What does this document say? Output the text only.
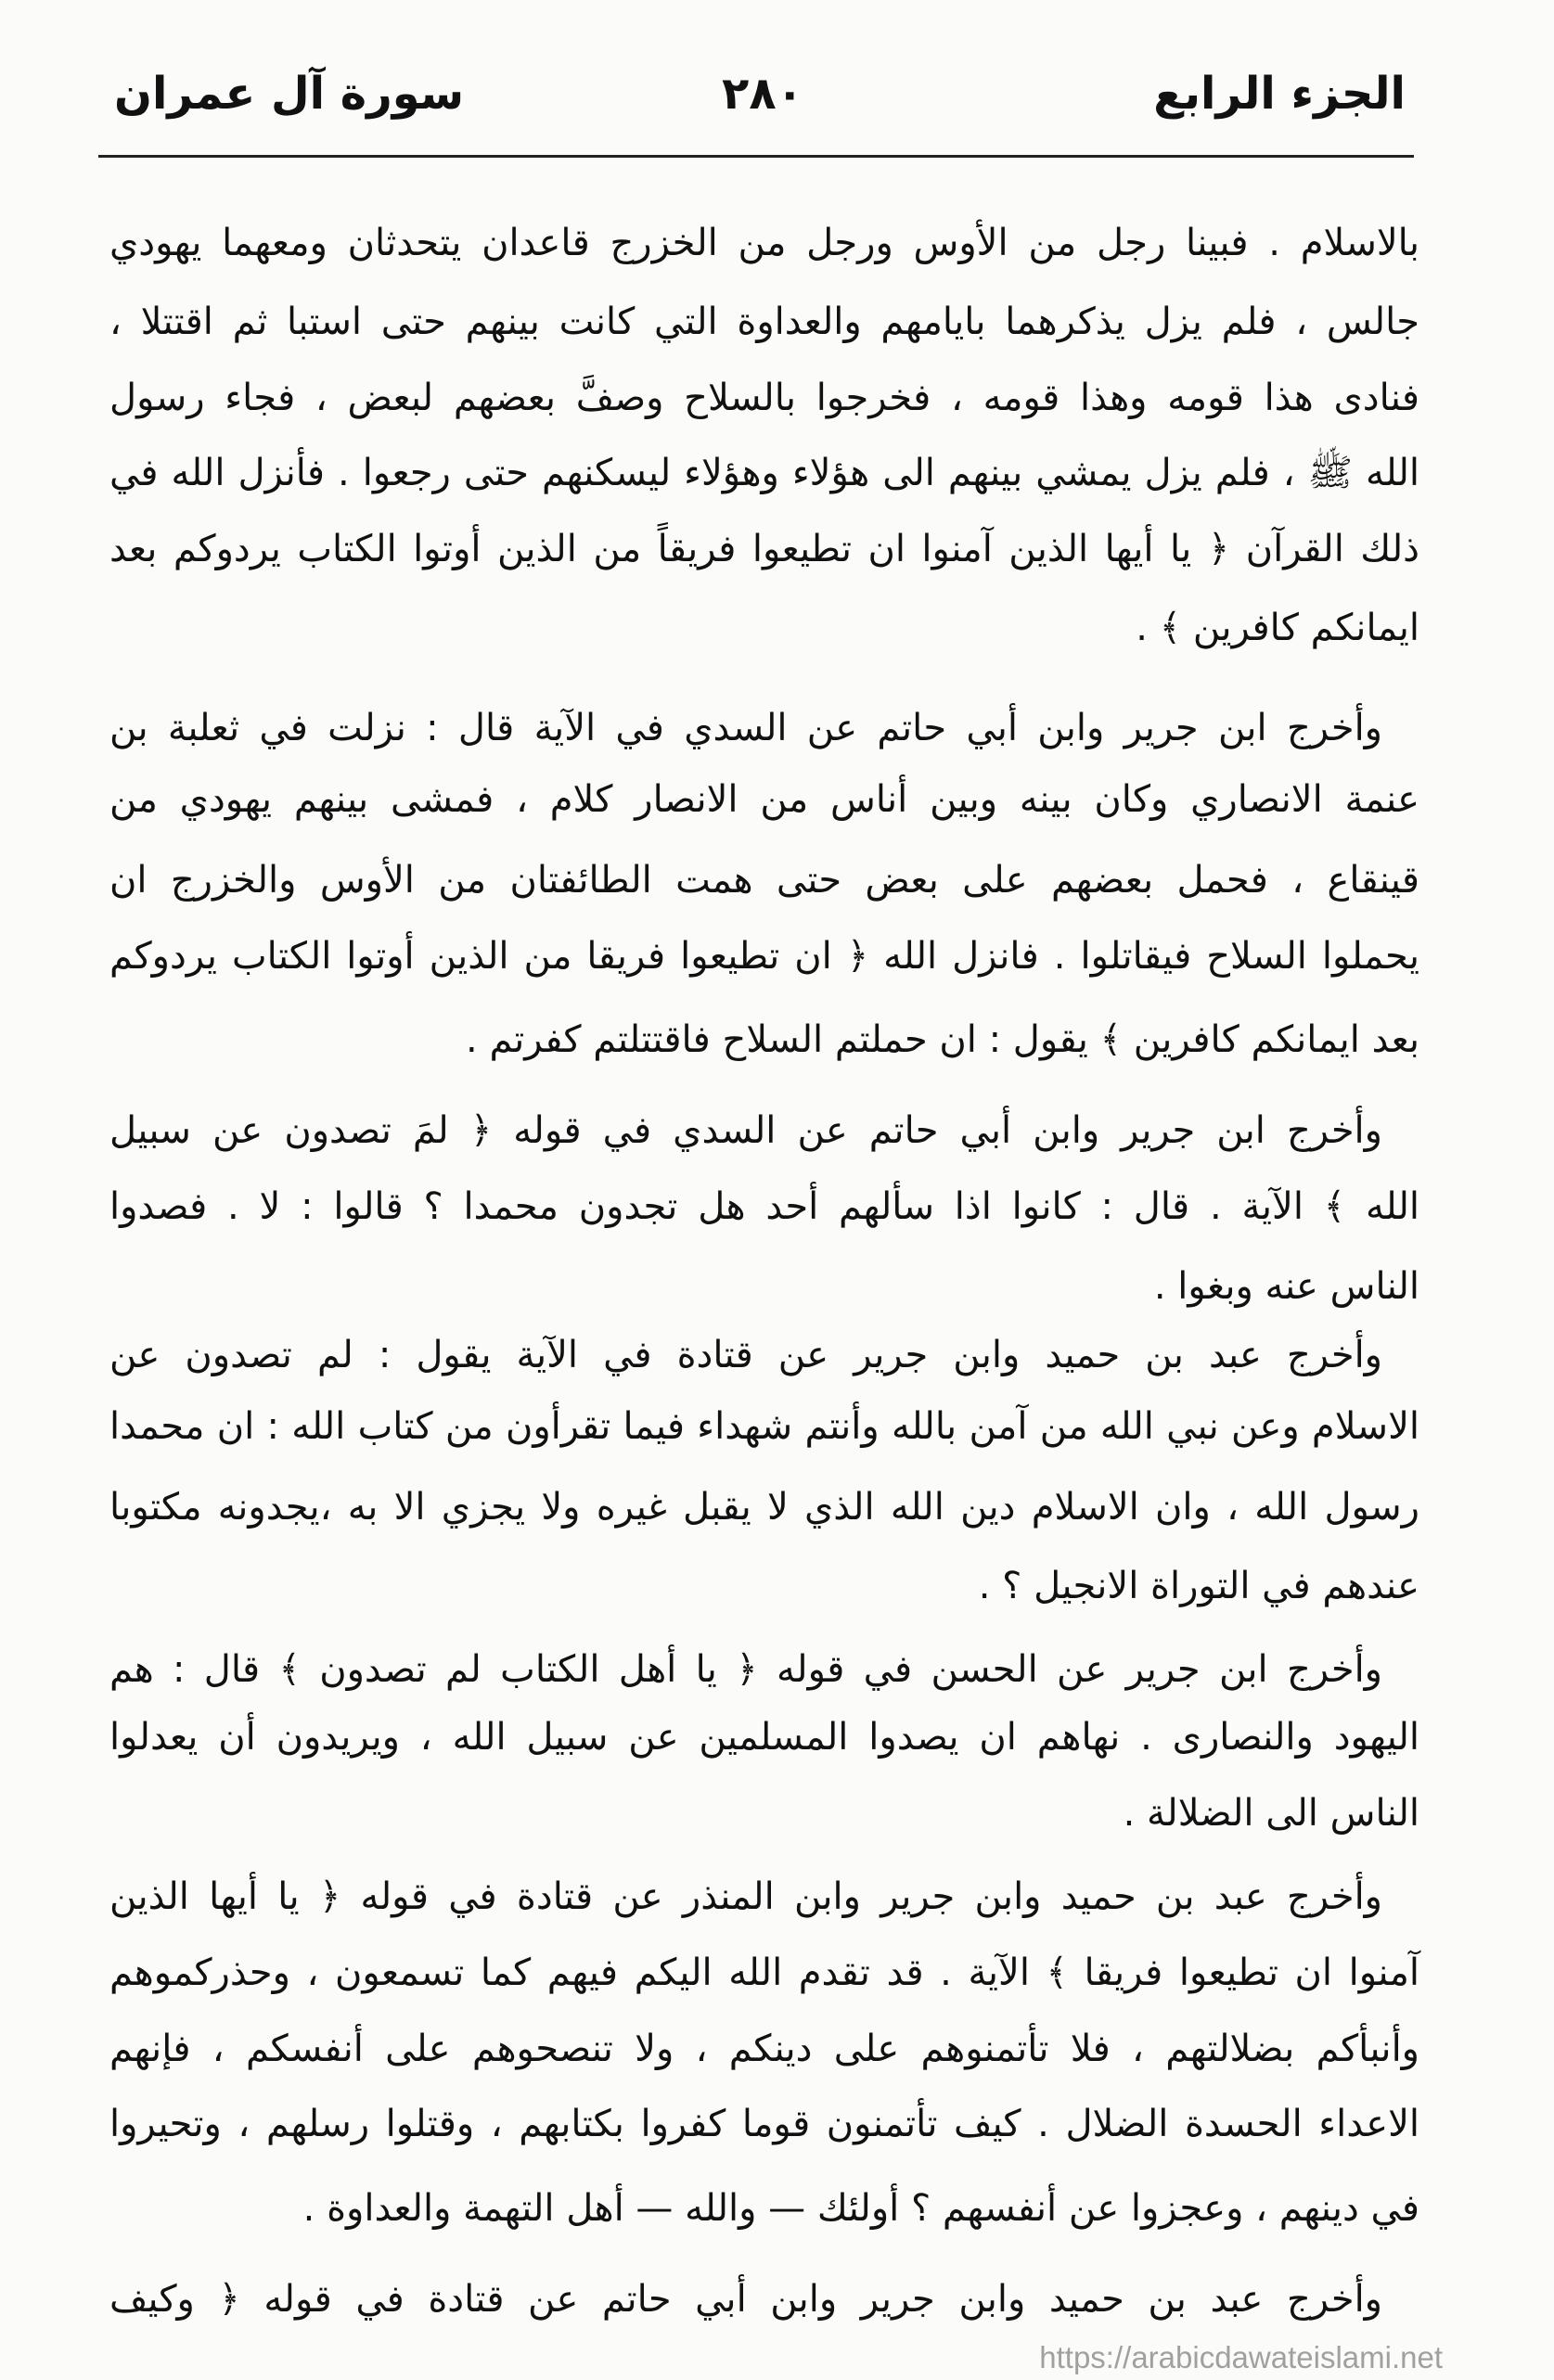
الجزء الرابع
٢٨٠
سورة آل عمران
بالاسلام . فبينا رجل من الأوس ورجل من الخزرج قاعدان يتحدثان ومعهما يهودي
جالس ، فلم يزل يذكرهما بايامهم والعداوة التي كانت بينهم حتى استبا ثم اقتتلا ،
فنادى هذا قومه وهذا قومه ، فخرجوا بالسلاح وصفَّ بعضهم لبعض ، فجاء رسول
الله ﷺ ، فلم يزل يمشي بينهم الى هؤلاء وهؤلاء ليسكنهم حتى رجعوا . فأنزل الله في
ذلك القرآن ﴿ يا أيها الذين آمنوا ان تطيعوا فريقاً من الذين أوتوا الكتاب يردوكم بعد
ايمانكم كافرين ﴾ .
وأخرج ابن جرير وابن أبي حاتم عن السدي في الآية قال : نزلت في ثعلبة بن
عنمة الانصاري وكان بينه وبين أناس من الانصار كلام ، فمشى بينهم يهودي من
قينقاع ، فحمل بعضهم على بعض حتى همت الطائفتان من الأوس والخزرج ان
يحملوا السلاح فيقاتلوا . فانزل الله ﴿ ان تطيعوا فريقا من الذين أوتوا الكتاب يردوكم
بعد ايمانكم كافرين ﴾ يقول : ان حملتم السلاح فاقتتلتم كفرتم .
وأخرج ابن جرير وابن أبي حاتم عن السدي في قوله ﴿ لمَ تصدون عن سبيل
الله ﴾ الآية . قال : كانوا اذا سألهم أحد هل تجدون محمدا ؟ قالوا : لا . فصدوا
الناس عنه وبغوا .
وأخرج عبد بن حميد وابن جرير عن قتادة في الآية يقول : لم تصدون عن
الاسلام وعن نبي الله من آمن بالله وأنتم شهداء فيما تقرأون من كتاب الله : ان محمدا
رسول الله ، وان الاسلام دين الله الذي لا يقبل غيره ولا يجزي الا به ،يجدونه مكتوبا
عندهم في التوراة الانجيل ؟ .
وأخرج ابن جرير عن الحسن في قوله ﴿ يا أهل الكتاب لم تصدون ﴾ قال : هم
اليهود والنصارى . نهاهم ان يصدوا المسلمين عن سبيل الله ، ويريدون أن يعدلوا
الناس الى الضلالة .
وأخرج عبد بن حميد وابن جرير وابن المنذر عن قتادة في قوله ﴿ يا أيها الذين
آمنوا ان تطيعوا فريقا ﴾ الآية . قد تقدم الله اليكم فيهم كما تسمعون ، وحذركموهم
وأنبأكم بضلالتهم ، فلا تأتمنوهم على دينكم ، ولا تنصحوهم على أنفسكم ، فإنهم
الاعداء الحسدة الضلال . كيف تأتمنون قوما كفروا بكتابهم ، وقتلوا رسلهم ، وتحيروا
في دينهم ، وعجزوا عن أنفسهم ؟ أولئك — والله — أهل التهمة والعداوة .
وأخرج عبد بن حميد وابن جرير وابن أبي حاتم عن قتادة في قوله ﴿ وكيف
https://arabicdawateislami.net
